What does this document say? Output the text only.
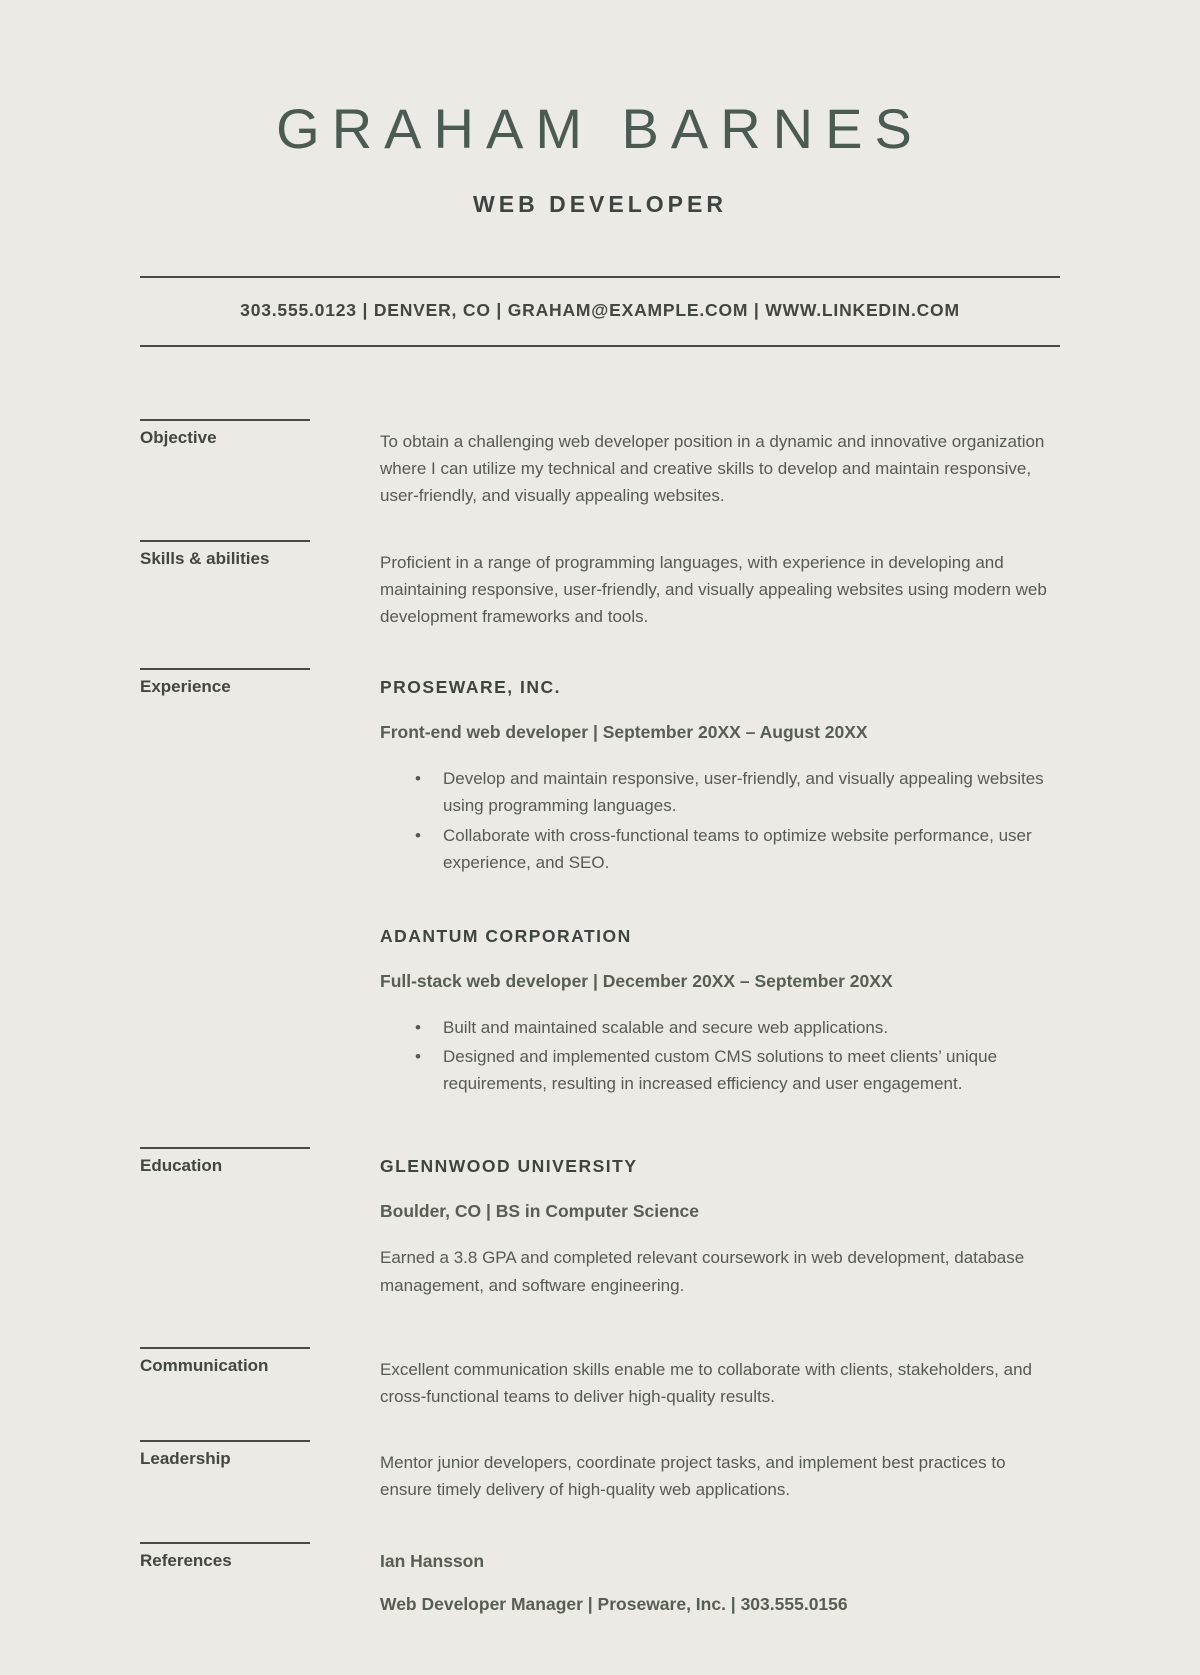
GRAHAM BARNES
WEB DEVELOPER
303.555.0123 | DENVER, CO | GRAHAM@EXAMPLE.COM | WWW.LINKEDIN.COM
Objective	To obtain a challenging web developer position in a dynamic and innovative organization where I can utilize my technical and creative skills to develop and maintain responsive, user-friendly, and visually appealing websites.

Skills & abilities	Proficient in a range of programming languages, with experience in developing and maintaining responsive, user-friendly, and visually appealing websites using modern web development frameworks and tools.

Experience	PROSEWARE, INC.
Front-end web developer | September 20XX – August 20XX
• Develop and maintain responsive, user-friendly, and visually appealing websites using programming languages.
• Collaborate with cross-functional teams to optimize website performance, user experience, and SEO.
ADANTUM CORPORATION
Full-stack web developer | December 20XX – September 20XX
• Built and maintained scalable and secure web applications.
• Designed and implemented custom CMS solutions to meet clients’ unique requirements, resulting in increased efficiency and user engagement.
Education	GLENNWOOD UNIVERSITY
Boulder, CO | BS in Computer Science

Earned a 3.8 GPA and completed relevant coursework in web development, database management, and software engineering.

Communication	Excellent communication skills enable me to collaborate with clients, stakeholders, and cross-functional teams to deliver high-quality results.

Leadership	Mentor junior developers, coordinate project tasks, and implement best practices to ensure timely delivery of high-quality web applications.

References	Ian Hansson
Web Developer Manager | Proseware, Inc. | 303.555.0156
